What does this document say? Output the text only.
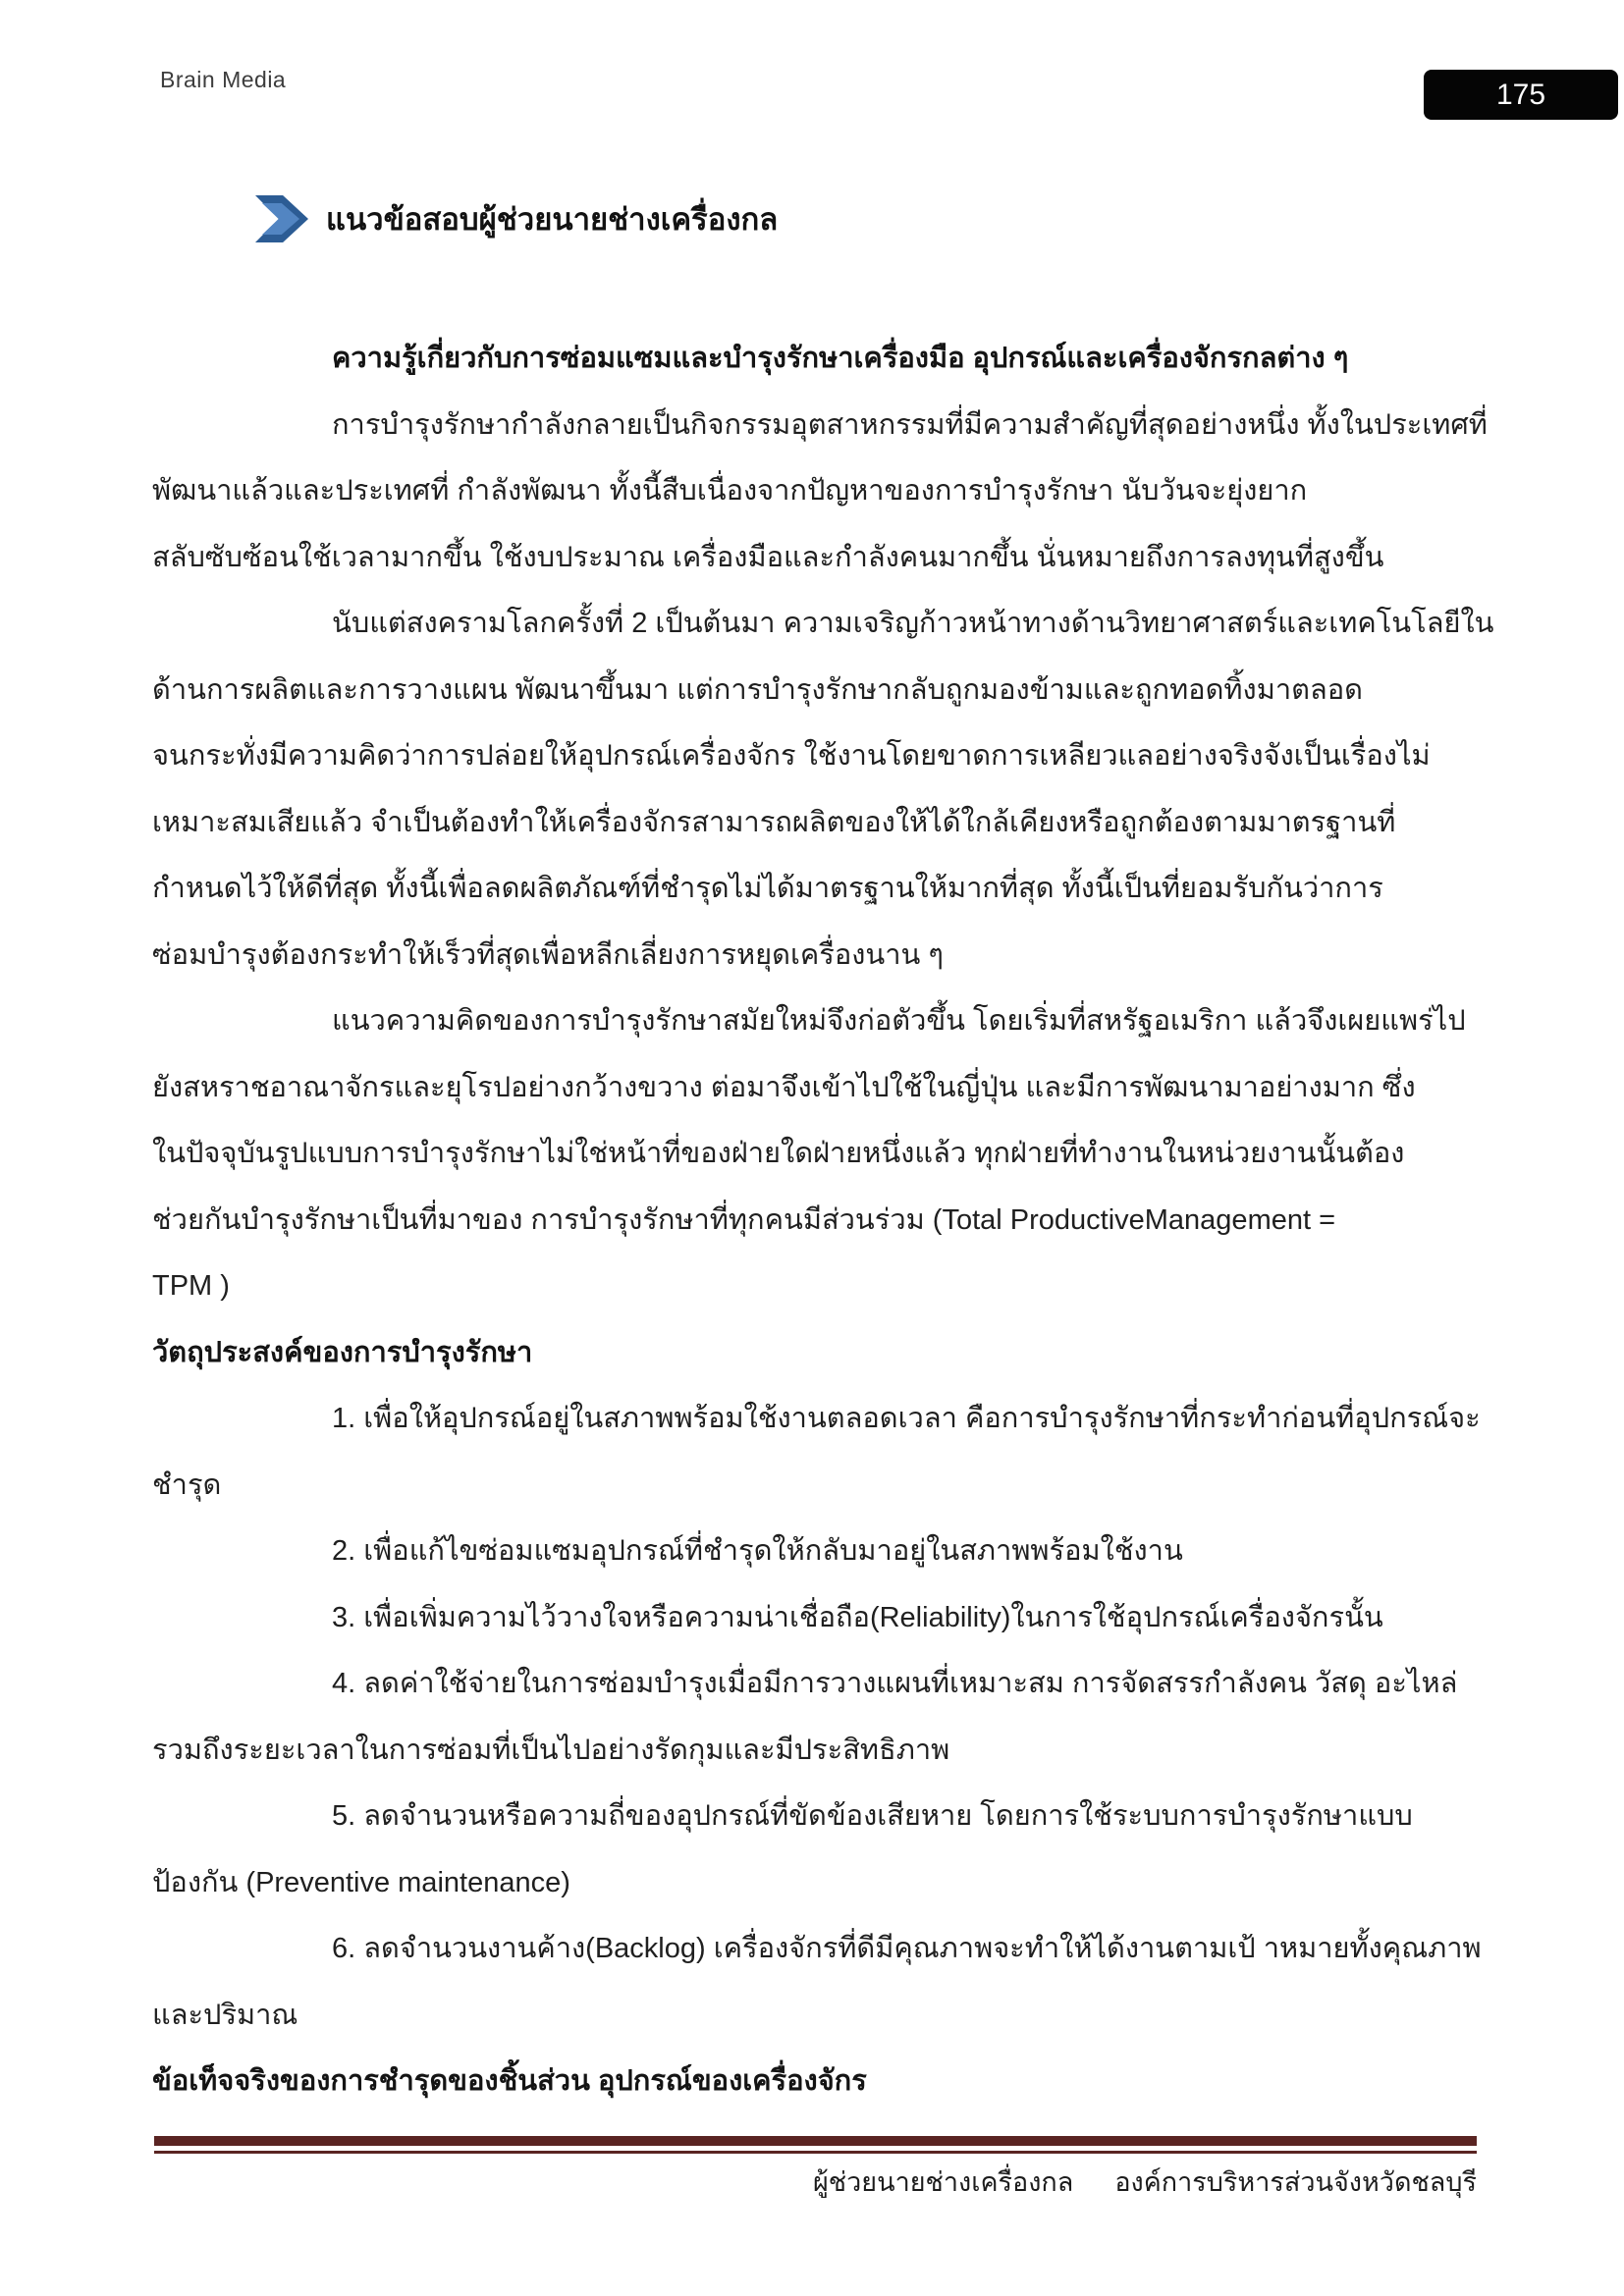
Brain Media	175
แนวข้อสอบผู้ช่วยนายช่างเครื่องกล
ความรู้เกี่ยวกับการซ่อมแซมและบำรุงรักษาเครื่องมือ อุปกรณ์และเครื่องจักรกลต่าง ๆ
การบำรุงรักษากำลังกลายเป็นกิจกรรมอุตสาหกรรมที่มีความสำคัญที่สุดอย่างหนึ่ง ทั้งในประเทศที่
พัฒนาแล้วและประเทศที่ กำลังพัฒนา ทั้งนี้สืบเนื่องจากปัญหาของการบำรุงรักษา นับวันจะยุ่งยาก
สลับซับซ้อนใช้เวลามากขึ้น ใช้งบประมาณ เครื่องมือและกำลังคนมากขึ้น นั่นหมายถึงการลงทุนที่สูงขึ้น
นับแต่สงครามโลกครั้งที่ 2 เป็นต้นมา ความเจริญก้าวหน้าทางด้านวิทยาศาสตร์และเทคโนโลยีใน
ด้านการผลิตและการวางแผน พัฒนาขึ้นมา แต่การบำรุงรักษากลับถูกมองข้ามและถูกทอดทิ้งมาตลอด
จนกระทั่งมีความคิดว่าการปล่อยให้อุปกรณ์เครื่องจักร ใช้งานโดยขาดการเหลียวแลอย่างจริงจังเป็นเรื่องไม่
เหมาะสมเสียแล้ว จำเป็นต้องทำให้เครื่องจักรสามารถผลิตของให้ได้ใกล้เคียงหรือถูกต้องตามมาตรฐานที่
กำหนดไว้ให้ดีที่สุด ทั้งนี้เพื่อลดผลิตภัณฑ์ที่ชำรุดไม่ได้มาตรฐานให้มากที่สุด ทั้งนี้เป็นที่ยอมรับกันว่าการ
ซ่อมบำรุงต้องกระทำให้เร็วที่สุดเพื่อหลีกเลี่ยงการหยุดเครื่องนาน ๆ
แนวความคิดของการบำรุงรักษาสมัยใหม่จึงก่อตัวขึ้น โดยเริ่มที่สหรัฐอเมริกา แล้วจึงเผยแพร่ไป
ยังสหราชอาณาจักรและยุโรปอย่างกว้างขวาง ต่อมาจึงเข้าไปใช้ในญี่ปุ่น และมีการพัฒนามาอย่างมาก ซึ่ง
ในปัจจุบันรูปแบบการบำรุงรักษาไม่ใช่หน้าที่ของฝ่ายใดฝ่ายหนึ่งแล้ว ทุกฝ่ายที่ทำงานในหน่วยงานนั้นต้อง
ช่วยกันบำรุงรักษาเป็นที่มาของ การบำรุงรักษาที่ทุกคนมีส่วนร่วม (Total ProductiveManagement =
TPM )
วัตถุประสงค์ของการบำรุงรักษา
1. เพื่อให้อุปกรณ์อยู่ในสภาพพร้อมใช้งานตลอดเวลา คือการบำรุงรักษาที่กระทำก่อนที่อุปกรณ์จะ
ชำรุด
2. เพื่อแก้ไขซ่อมแซมอุปกรณ์ที่ชำรุดให้กลับมาอยู่ในสภาพพร้อมใช้งาน
3. เพื่อเพิ่มความไว้วางใจหรือความน่าเชื่อถือ(Reliability)ในการใช้อุปกรณ์เครื่องจักรนั้น
4. ลดค่าใช้จ่ายในการซ่อมบำรุงเมื่อมีการวางแผนที่เหมาะสม การจัดสรรกำลังคน วัสดุ อะไหล่
รวมถึงระยะเวลาในการซ่อมที่เป็นไปอย่างรัดกุมและมีประสิทธิภาพ
5. ลดจำนวนหรือความถี่ของอุปกรณ์ที่ขัดข้องเสียหาย โดยการใช้ระบบการบำรุงรักษาแบบ
ป้องกัน (Preventive maintenance)
6. ลดจำนวนงานค้าง(Backlog) เครื่องจักรที่ดีมีคุณภาพจะทำให้ได้งานตามเป้ าหมายทั้งคุณภาพ
และปริมาณ
ข้อเท็จจริงของการชำรุดของชิ้นส่วน อุปกรณ์ของเครื่องจักร
ผู้ช่วยนายช่างเครื่องกล องค์การบริหารส่วนจังหวัดชลบุรี
